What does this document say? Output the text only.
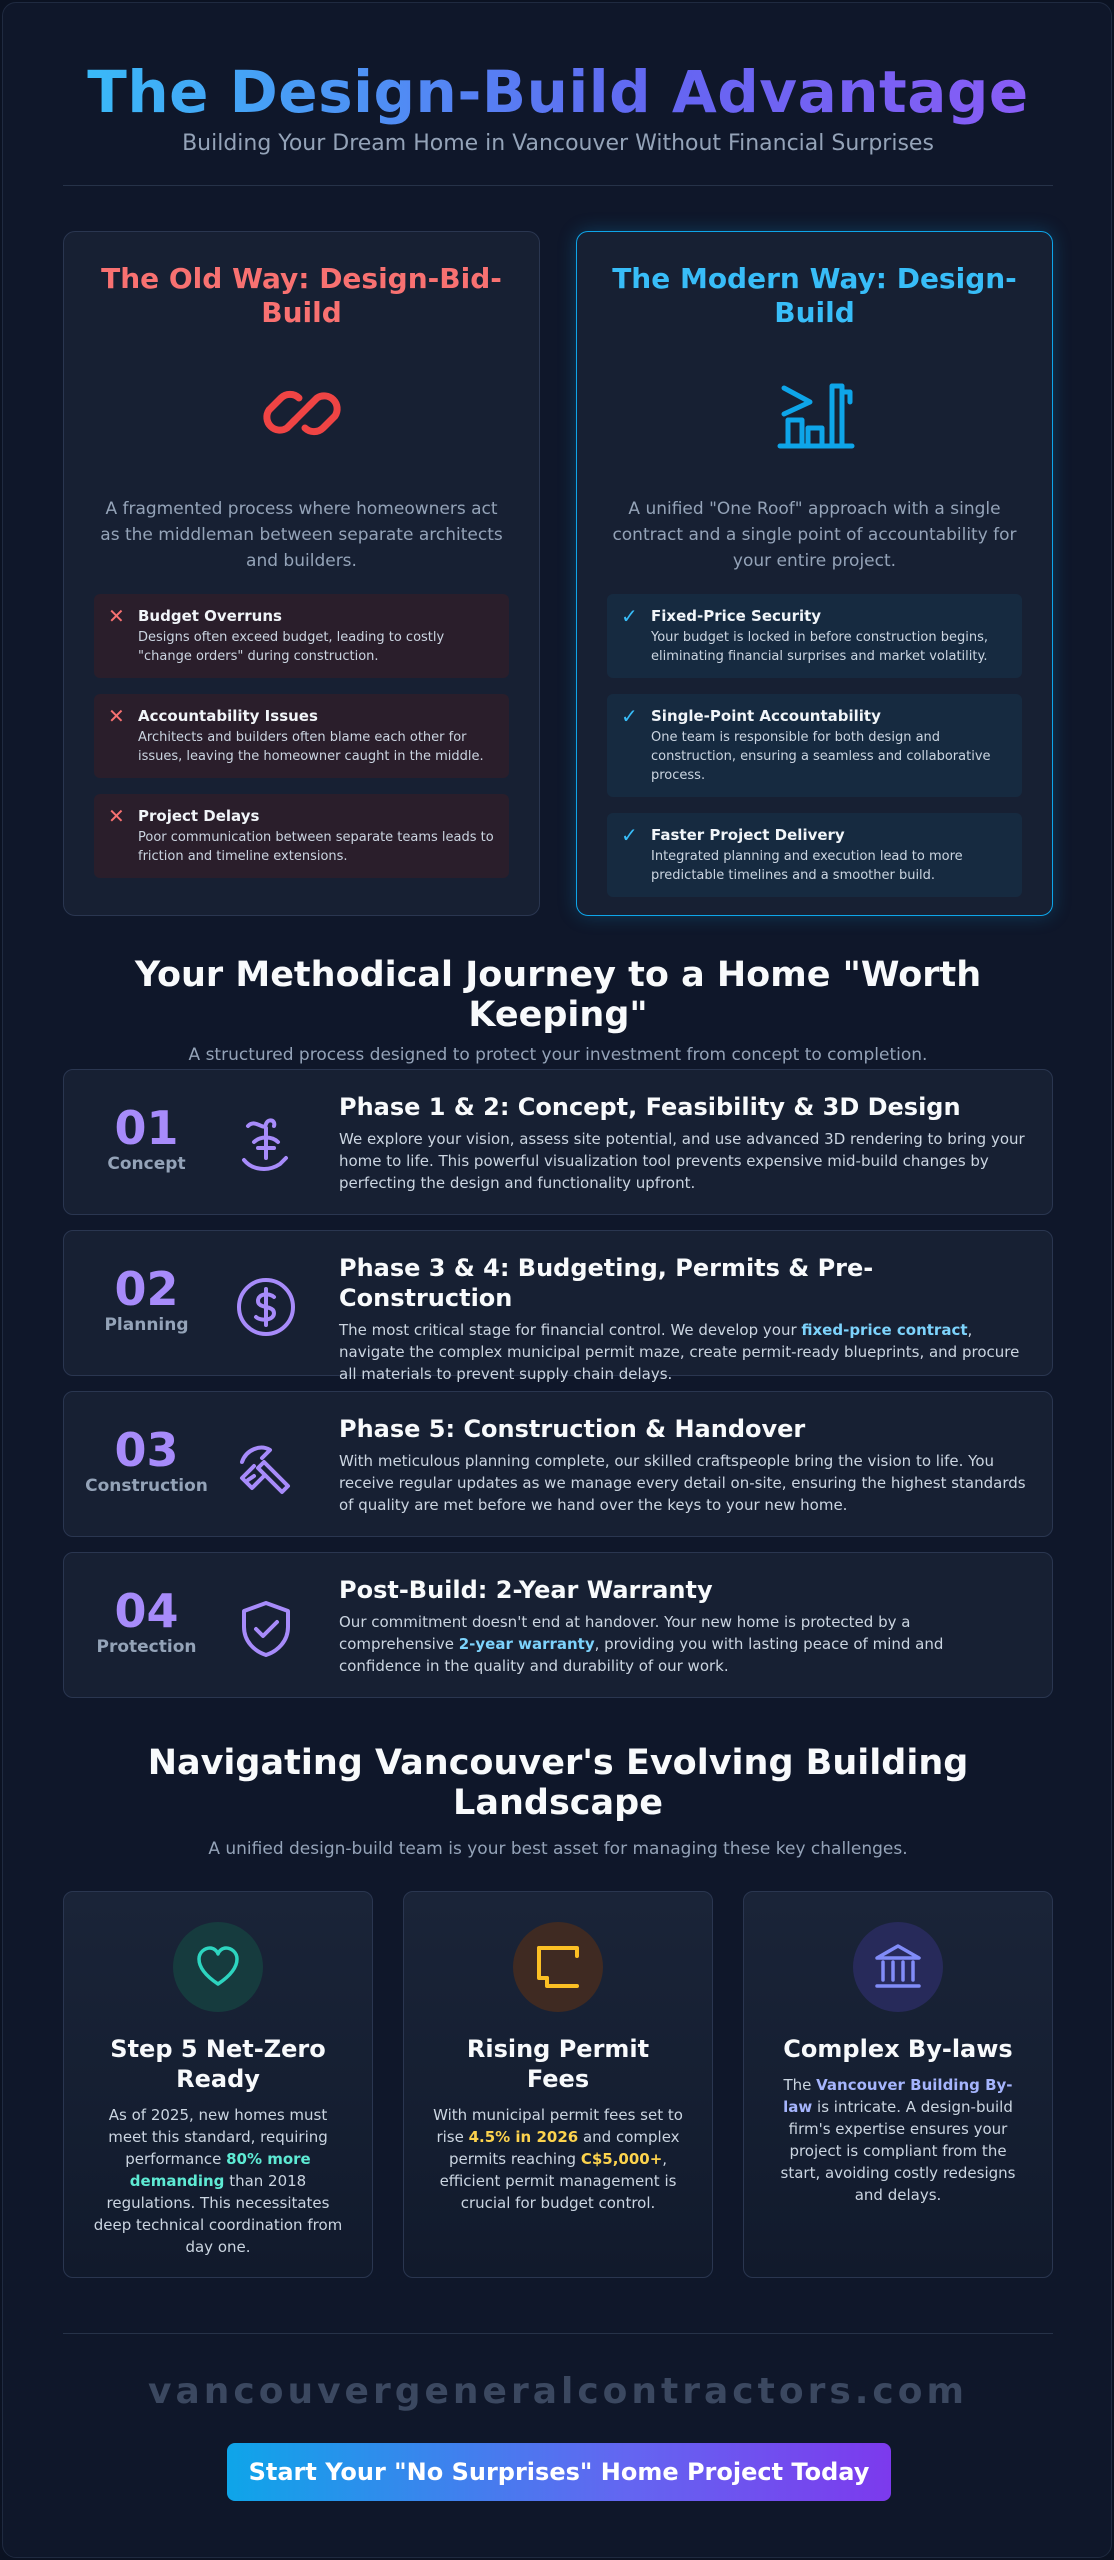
The Design-Build Advantage
Building Your Dream Home in Vancouver Without Financial Surprises
The Old Way: Design-Bid-Build
A fragmented process where homeowners act as the middleman between separate architects and builders.
✕ Budget Overruns
Designs often exceed budget, leading to costly "change orders" during construction.
✕ Accountability Issues
Architects and builders often blame each other for issues, leaving the homeowner caught in the middle.
✕ Project Delays
Poor communication between separate teams leads to friction and timeline extensions.
The Modern Way: Design-Build
A unified "One Roof" approach with a single contract and a single point of accountability for your entire project.
✓ Fixed-Price Security
Your budget is locked in before construction begins, eliminating financial surprises and market volatility.
✓ Single-Point Accountability
One team is responsible for both design and construction, ensuring a seamless and collaborative process.
✓ Faster Project Delivery
Integrated planning and execution lead to more predictable timelines and a smoother build.
Your Methodical Journey to a Home "Worth Keeping"
A structured process designed to protect your investment from concept to completion.
01
Concept
Phase 1 & 2: Concept, Feasibility & 3D Design
We explore your vision, assess site potential, and use advanced 3D rendering to bring your home to life. This powerful visualization tool prevents expensive mid-build changes by perfecting the design and functionality upfront.
02
Planning
Phase 3 & 4: Budgeting, Permits & Pre-Construction
The most critical stage for financial control. We develop your fixed-price contract, navigate the complex municipal permit maze, create permit-ready blueprints, and procure all materials to prevent supply chain delays.
03
Construction
Phase 5: Construction & Handover
With meticulous planning complete, our skilled craftspeople bring the vision to life. You receive regular updates as we manage every detail on-site, ensuring the highest standards of quality are met before we hand over the keys to your new home.
04
Protection
Post-Build: 2-Year Warranty
Our commitment doesn't end at handover. Your new home is protected by a comprehensive 2-year warranty, providing you with lasting peace of mind and confidence in the quality and durability of our work.
Navigating Vancouver's Evolving Building Landscape
A unified design-build team is your best asset for managing these key challenges.
Step 5 Net-Zero Ready
As of 2025, new homes must meet this standard, requiring performance 80% more demanding than 2018 regulations. This necessitates deep technical coordination from day one.
Rising Permit Fees
With municipal permit fees set to rise 4.5% in 2026 and complex permits reaching C$5,000+, efficient permit management is crucial for budget control.
Complex By-laws
The Vancouver Building By-law is intricate. A design-build firm's expertise ensures your project is compliant from the start, avoiding costly redesigns and delays.
vancouvergeneralcontractors.com
Start Your "No Surprises" Home Project Today
